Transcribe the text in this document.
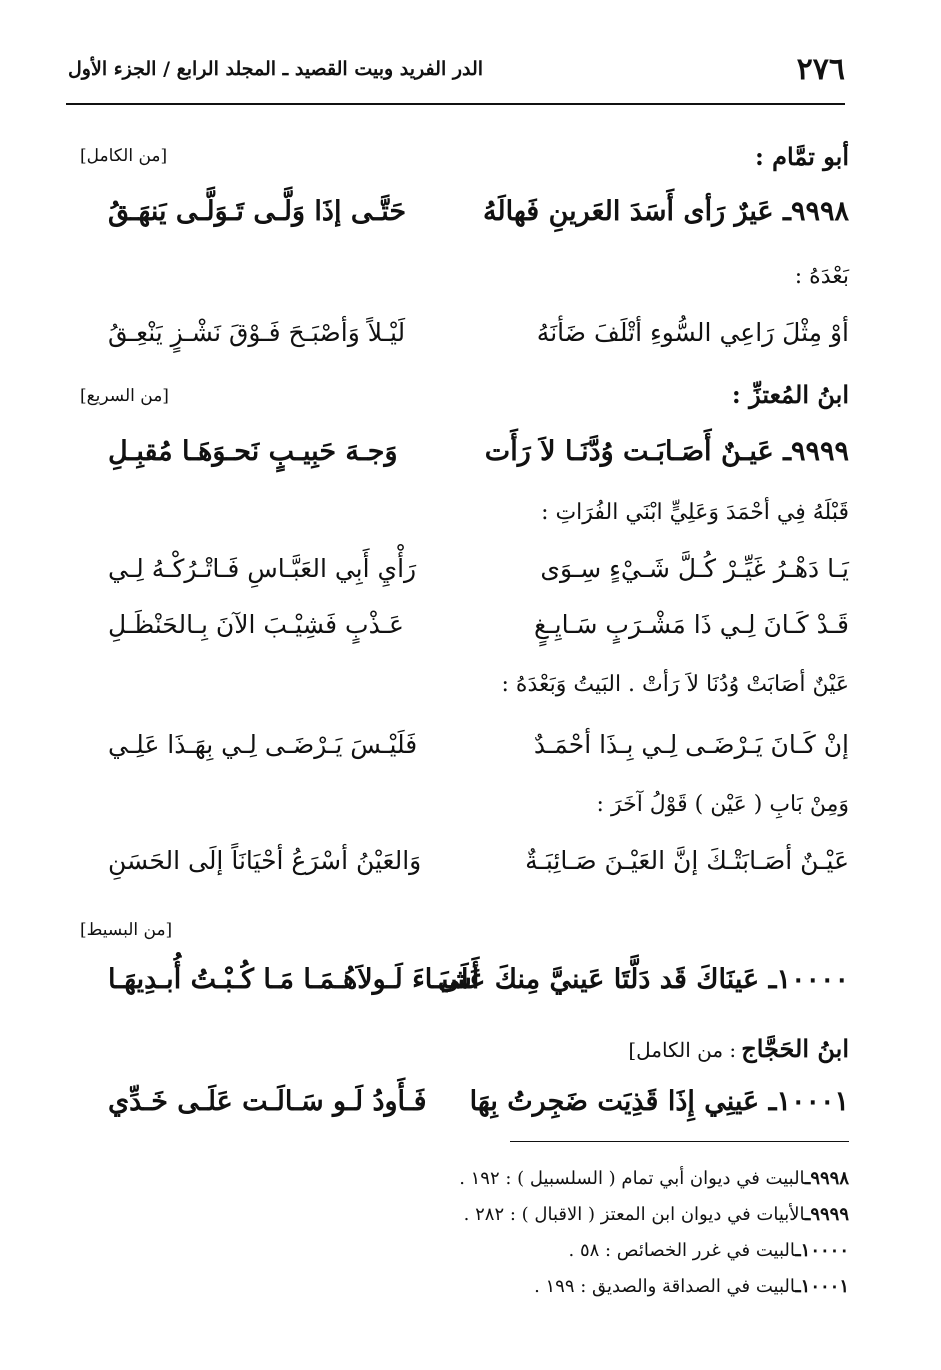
٢٧٦
الدر الفريد وبيت القصيد ـ المجلد الرابع / الجزء الأول
أبو تمَّام :
[من الكامل]
٩٩٩٨ـ عَيرٌ رَأى أَسَدَ العَرينِ فَهالَهُ
حَتَّـى إذَا وَلَّـى تَـوَلَّـى يَنهَـقُ
بَعْدَهُ :
أوْ مِثْلَ رَاعِي السُّوءِ أتْلَفَ ضَأنَهُ
لَيْـلاً وَأصْبَـحَ فَـوْقَ نَشْـزٍ يَنْعِـقُ
ابنُ المُعتزِّ :
[من السريع]
٩٩٩٩ـ عَيـنٌ أَصَـابَـت وُدَّنَـا لاَ رَأَت
وَجـهَ حَبِيـبٍ نَحـوَهَـا مُقبِـلِ
قَبْلَهُ فِي أحْمَدَ وَعَلِيٍّ ابْنَي الفُرَاتِ :
يَـا دَهْـرُ غَيِّـرْ كُـلَّ شَـيْءٍ سِـوَى
رَأْيِ أَبِي العَبَّـاسِ فَـاتْـرُكْـهُ لِـي
قَـدْ كَـانَ لِـي ذَا مَشْـرَبٍ سَـايِـغٍ
عَـذْبٍ فَشِيْـبَ الآنَ بِـالحَنْظَـلِ
عَيْنٌ أصَابَتْ وُدُنَا لاَ رَأتْ . البَيتُ وَبَعْدَهُ :
إنْ كَـانَ يَـرْضَـى لِـي بِـذَا أحْمَـدٌ
فَلَيْـسَ يَـرْضَـى لِـي بِهَـذَا عَلِـي
وَمِنْ بَابِ ( عَيْن ) قَوْلُ آخَرَ :
عَيْـنٌ أصَـابَتْـكَ إنَّ العَيْـنَ صَـائِبَـةٌ
وَالعَيْنُ أسْرَعُ أحْيَانَاً إلَى الحَسَنِ
[من البسيط]
١٠٠٠٠ـ عَينَاكَ قَد دَلَّتَا عَينيَّ مِنكَ عَلَى
أَشيَـاءَ لَـولاَهُـمَـا مَـا كُـبْـتُ أُبـدِيهَـا
ابنُ الحَجَّاج : من الكامل]
١٠٠٠١ـ عَينِي إِذَا قَذِيَت ضَجِرتُ بِهَا
فَـأَودُ لَـو سَـالَـت عَلَـى خَـدِّي
٩٩٩٨ـالبيت في ديوان أبي تمام ( السلسبيل ) : ١٩٢ .
٩٩٩٩ـالأبيات في ديوان ابن المعتز ( الاقبال ) : ٢٨٢ .
١٠٠٠٠ـالبيت في غرر الخصائص : ٥٨ .
١٠٠٠١ـالبيت في الصداقة والصديق : ١٩٩ .
